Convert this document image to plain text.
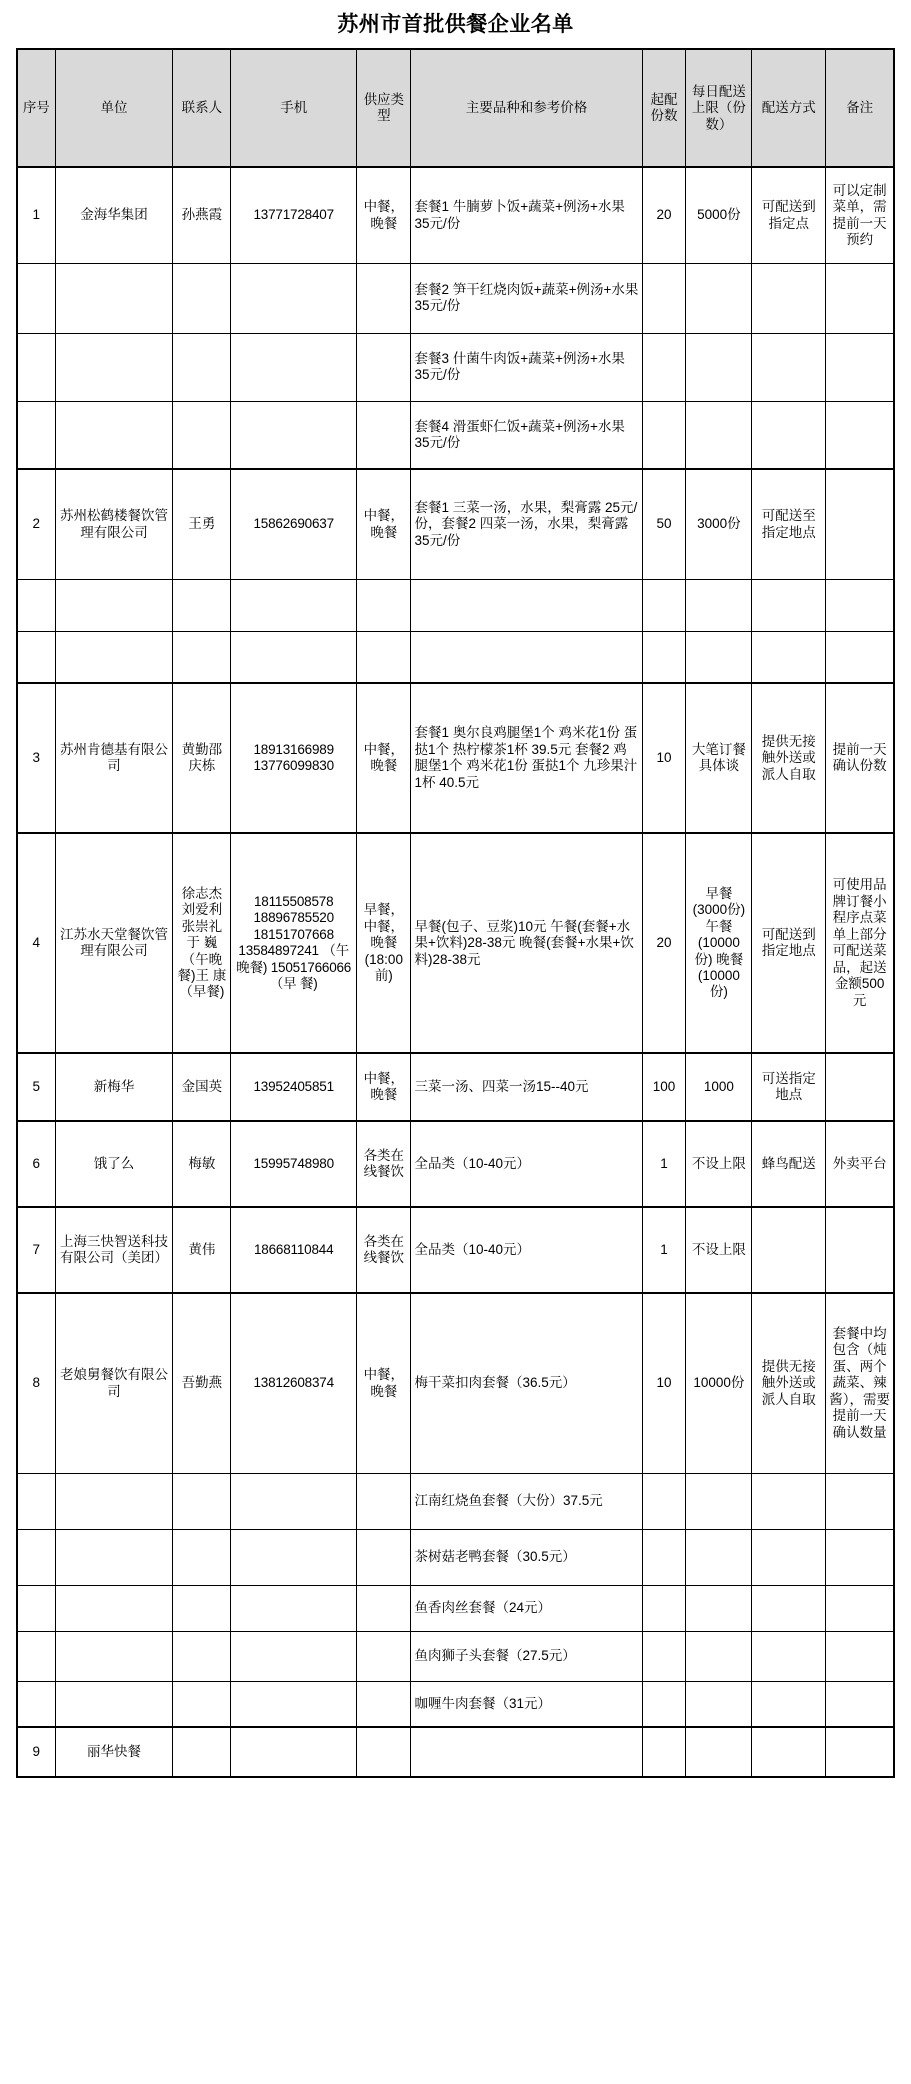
苏州市首批供餐企业名单
序号	单位	联系人	手机	供应类型	主要品种和参考价格	起配份数	每日配送上限（份数）	配送方式	备注
1	金海华集团	孙燕霞	13771728407	中餐，晚餐	套餐1 牛腩萝卜饭+蔬菜+例汤+水果 35元/份	20	5000份	可配送到指定点	可以定制菜单，需提前一天预约
					套餐2 笋干红烧肉饭+蔬菜+例汤+水果 35元/份				
					套餐3 什菌牛肉饭+蔬菜+例汤+水果 35元/份				
					套餐4 滑蛋虾仁饭+蔬菜+例汤+水果 35元/份				
2	苏州松鹤楼餐饮管理有限公司	王勇	15862690637	中餐，晚餐	套餐1 三菜一汤，水果，梨膏露 25元/份，套餐2 四菜一汤，水果，梨膏露 35元/份	50	3000份	可配送至指定地点	

3	苏州肯德基有限公司	黄勤邵庆栋	18913166989 13776099830	中餐，晚餐	套餐1 奥尔良鸡腿堡1个 鸡米花1份 蛋挞1个 热柠檬茶1杯 39.5元 套餐2 鸡腿堡1个 鸡米花1份 蛋挞1个 九珍果汁1杯 40.5元	10	大笔订餐具体谈	提供无接触外送或派人自取	提前一天确认份数
4	江苏水天堂餐饮管理有限公司	徐志杰 刘爱利 张崇礼 于 巍（午晚餐)王 康（早餐)	18115508578 18896785520 18151707668 13584897241 （午晚餐) 15051766066 （早 餐)	早餐，中餐，晚餐 (18:00前)	早餐(包子、豆浆)10元 午餐(套餐+水果+饮料)28-38元 晚餐(套餐+水果+饮料)28-38元	20	早餐(3000份) 午餐(10000份) 晚餐(10000份)	可配送到指定地点	可使用品牌订餐小程序点菜单上部分可配送菜品，起送金额500元
5	新梅华	金国英	13952405851	中餐，晚餐	三菜一汤、四菜一汤15--40元	100	1000	可送指定地点	
6	饿了么	梅敏	15995748980	各类在线餐饮	全品类（10-40元）	1	不设上限	蜂鸟配送	外卖平台
7	上海三快智送科技有限公司（美团）	黄伟	18668110844	各类在线餐饮	全品类（10-40元）	1	不设上限		
8	老娘舅餐饮有限公司	吾勤燕	13812608374	中餐，晚餐	梅干菜扣肉套餐（36.5元）	10	10000份	提供无接触外送或派人自取	套餐中均包含（炖蛋、两个蔬菜、辣酱），需要提前一天确认数量
					江南红烧鱼套餐（大份）37.5元				
					茶树菇老鸭套餐（30.5元）				
					鱼香肉丝套餐（24元）				
					鱼肉狮子头套餐（27.5元）				
					咖喱牛肉套餐（31元）				
9	丽华快餐								
